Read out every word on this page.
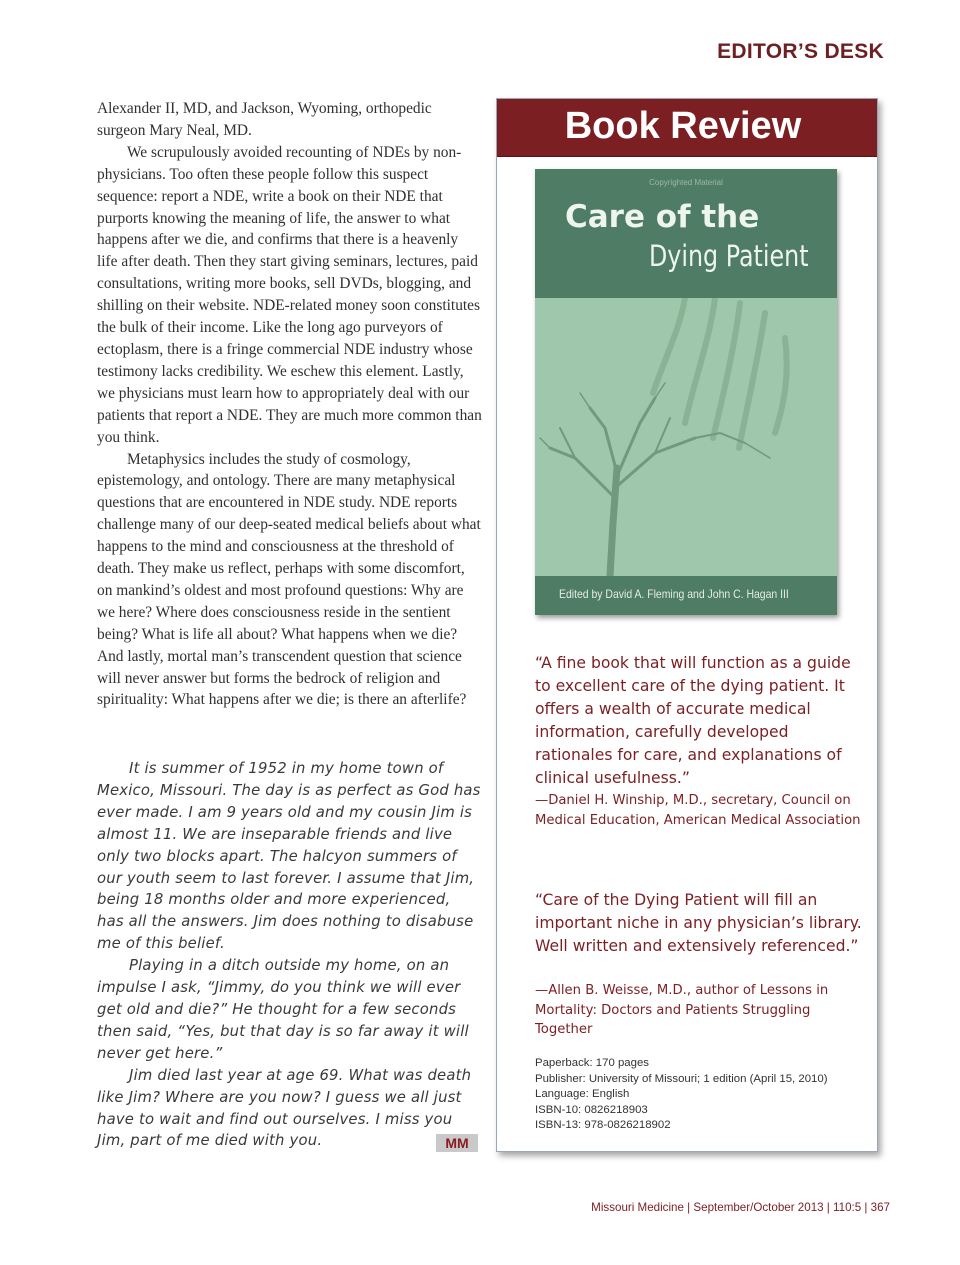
EDITOR’S DESK

Alexander II, MD, and Jackson, Wyoming, orthopedic surgeon Mary Neal, MD.

We scrupulously avoided recounting of NDEs by non-physicians. Too often these people follow this suspect sequence: report a NDE, write a book on their NDE that purports knowing the meaning of life, the answer to what happens after we die, and confirms that there is a heavenly life after death. Then they start giving seminars, lectures, paid consultations, writing more books, sell DVDs, blogging, and shilling on their website. NDE-related money soon constitutes the bulk of their income. Like the long ago purveyors of ectoplasm, there is a fringe commercial NDE industry whose testimony lacks credibility. We eschew this element. Lastly, we physicians must learn how to appropriately deal with our patients that report a NDE. They are much more common than you think.

Metaphysics includes the study of cosmology, epistemology, and ontology. There are many metaphysical questions that are encountered in NDE study. NDE reports challenge many of our deep-seated medical beliefs about what happens to the mind and consciousness at the threshold of death. They make us reflect, perhaps with some discomfort, on mankind’s oldest and most profound questions: Why are we here? Where does consciousness reside in the sentient being? What is life all about? What happens when we die? And lastly, mortal man’s transcendent question that science will never answer but forms the bedrock of religion and spirituality: What happens after we die; is there an afterlife?

It is summer of 1952 in my home town of Mexico, Missouri. The day is as perfect as God has ever made. I am 9 years old and my cousin Jim is almost 11. We are inseparable friends and live only two blocks apart. The halcyon summers of our youth seem to last forever. I assume that Jim, being 18 months older and more experienced, has all the answers. Jim does nothing to disabuse me of this belief.

Playing in a ditch outside my home, on an impulse I ask, “Jimmy, do you think we will ever get old and die?” He thought for a few seconds then said, “Yes, but that day is so far away it will never get here.”

Jim died last year at age 69. What was death like Jim? Where are you now? I guess we all just have to wait and find out ourselves. I miss you Jim, part of me died with you.	MM
Book Review
Copyrighted Material
Care of the
Dying Patient
Edited by David A. Fleming and John C. Hagan III
“A fine book that will function as a guide to excellent care of the dying patient. It offers a wealth of accurate medical information, carefully developed rationales for care, and explanations of clinical usefulness.”
—Daniel H. Winship, M.D., secretary, Council on Medical Education, American Medical Association
“Care of the Dying Patient will fill an important niche in any physician’s library. Well written and extensively referenced.”
—Allen B. Weisse, M.D., author of Lessons in Mortality: Doctors and Patients Struggling Together
Paperback: 170 pages
Publisher: University of Missouri; 1 edition (April 15, 2010)
Language: English
ISBN-10: 0826218903
ISBN-13: 978-0826218902
Missouri Medicine | September/October 2013 | 110:5 | 367
